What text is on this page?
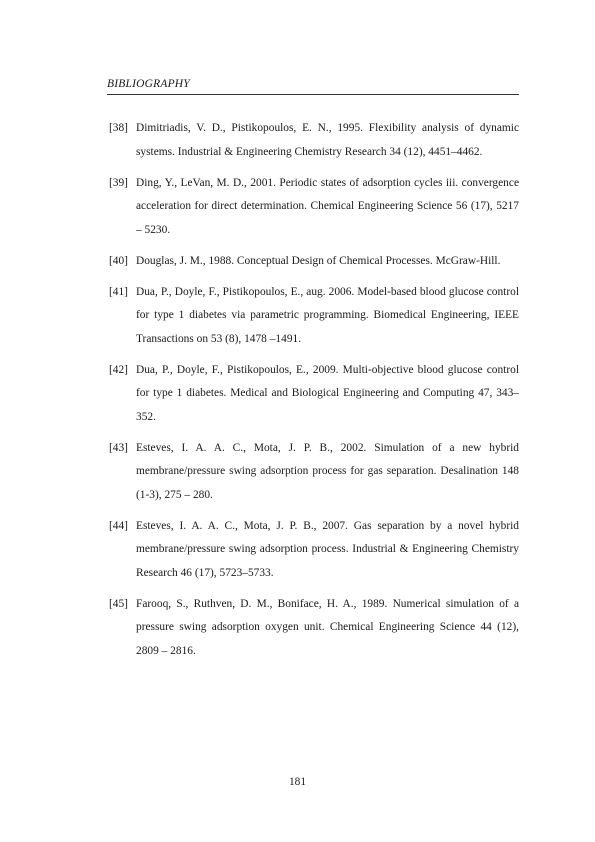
BIBLIOGRAPHY
[38] Dimitriadis, V. D., Pistikopoulos, E. N., 1995. Flexibility analysis of dynamic systems. Industrial & Engineering Chemistry Research 34 (12), 4451–4462.
[39] Ding, Y., LeVan, M. D., 2001. Periodic states of adsorption cycles iii. convergence acceleration for direct determination. Chemical Engineering Science 56 (17), 5217 – 5230.
[40] Douglas, J. M., 1988. Conceptual Design of Chemical Processes. McGraw-Hill.
[41] Dua, P., Doyle, F., Pistikopoulos, E., aug. 2006. Model-based blood glucose control for type 1 diabetes via parametric programming. Biomedical Engineering, IEEE Transactions on 53 (8), 1478 –1491.
[42] Dua, P., Doyle, F., Pistikopoulos, E., 2009. Multi-objective blood glucose control for type 1 diabetes. Medical and Biological Engineering and Computing 47, 343–352.
[43] Esteves, I. A. A. C., Mota, J. P. B., 2002. Simulation of a new hybrid membrane/pressure swing adsorption process for gas separation. Desalination 148 (1-3), 275 – 280.
[44] Esteves, I. A. A. C., Mota, J. P. B., 2007. Gas separation by a novel hybrid membrane/pressure swing adsorption process. Industrial & Engineering Chemistry Research 46 (17), 5723–5733.
[45] Farooq, S., Ruthven, D. M., Boniface, H. A., 1989. Numerical simulation of a pressure swing adsorption oxygen unit. Chemical Engineering Science 44 (12), 2809 – 2816.
181
